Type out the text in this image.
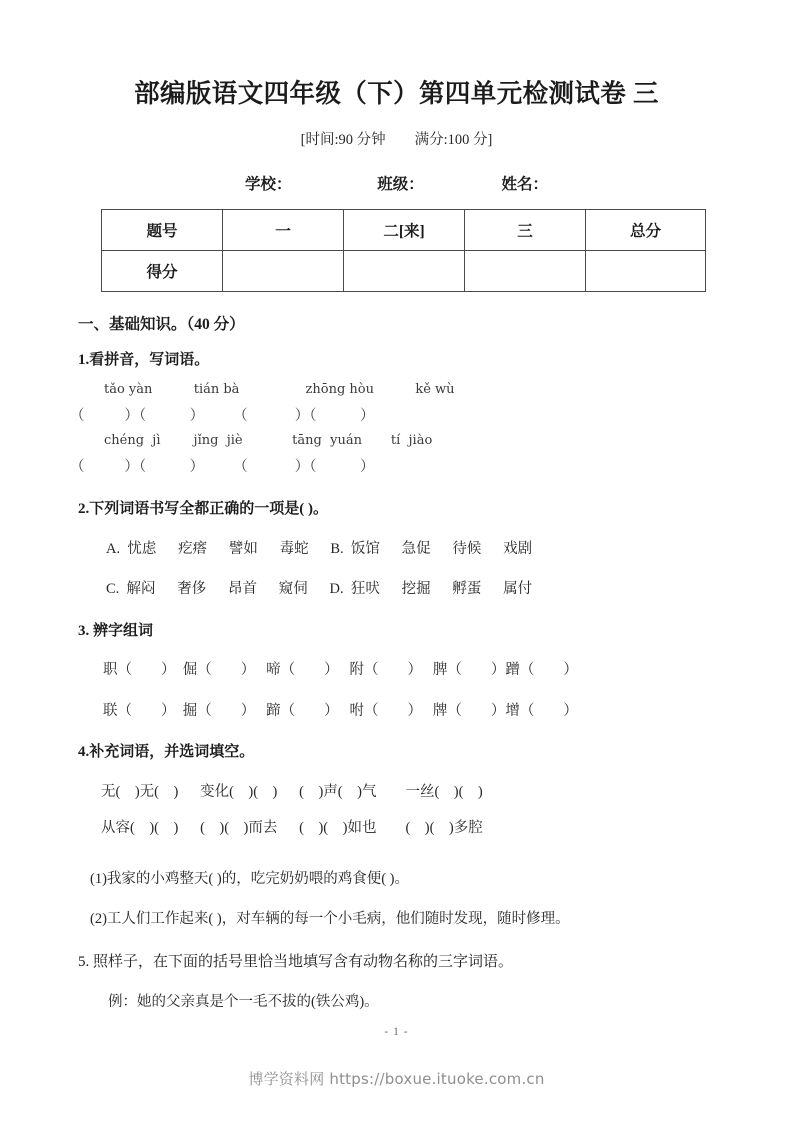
部编版语文四年级（下）第四单元检测试卷 三
[时间:90 分钟　　满分:100 分]
学校：	班级：	姓名：
题号	一	二[来]	三	总分
得分				
一、基础知识。（40 分）
1.看拼音，写词语。
tǎo yàn          tián bà                zhōng hòu          kě wù
（           ）（            ）        （             ）（            ）
chéng  jì        jǐng  jiè            tāng  yuán       tí  jiào
（           ）（            ）        （             ）（            ）
2.下列词语书写全都正确的一项是( )。
A.  忧虑      疙瘩      譬如      毒蛇      B.  饭馆      急促      待候      戏剧
C.  解闷      奢侈      昂首      窥伺      D.  狂吠      挖掘      孵蛋      属付
3. 辨字组词
职（        ）  倔（        ）   啼（        ）   附（        ）   脾（        ）蹭（        ）
联（        ）  掘（        ）   蹄（        ）   咐（        ）   牌（        ）增（        ）
4.补充词语，并选词填空。
无(    )无(    )      变化(    )(    )      (    )声(    )气        一丝(    )(    )
从容(    )(    )      (    )(    )而去      (    )(    )如也        (    )(    )多腔
(1)我家的小鸡整天( )的，吃完奶奶喂的鸡食便( )。
(2)工人们工作起来( )，对车辆的每一个小毛病，他们随时发现，随时修理。
5. 照样子，在下面的括号里恰当地填写含有动物名称的三字词语。
例：她的父亲真是个一毛不拔的(铁公鸡)。
- 1 -
博学资料网 https://boxue.ituoke.com.cn
